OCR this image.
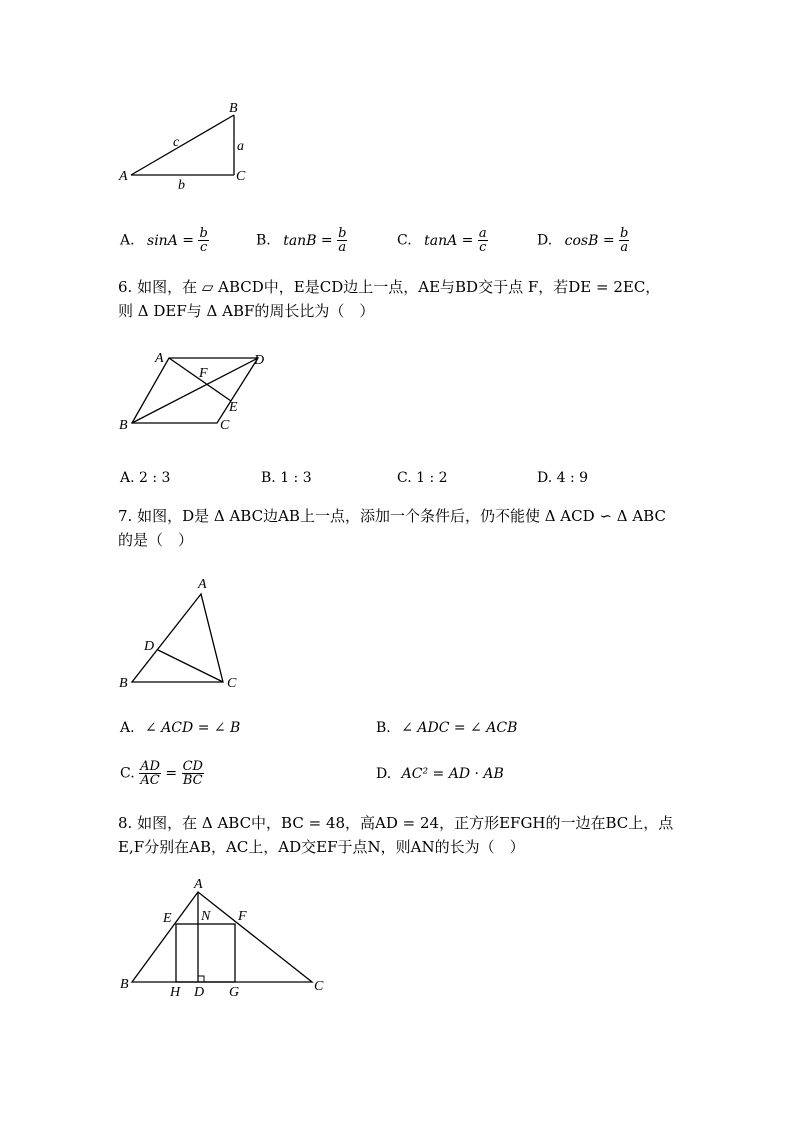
A
B
C
a
b
c
A. $\sin A = \frac{b}{c}$	B. $\tan B = \frac{b}{a}$	C. $\tan A = \frac{a}{c}$	D. $\cos B = \frac{b}{a}$
6. 如图，在 ▱ ABCD中，E是CD边上一点，AE与BD交于点 F，若DE = 2EC，
则 Δ DEF与 Δ ABF的周长比为（　）
A	D
B	C
E
F
A. 2 : 3	B. 1 : 3	C. 1 : 2	D. 4 : 9
7. 如图，D是 Δ ABC边AB上一点，添加一个条件后，仍不能使 Δ ACD ∽ Δ ABC
的是（　）
A
B	C
D
A. ∠ ACD = ∠ B	B. ∠ ADC = ∠ ACB
C. $\frac{AD}{AC} = \frac{CD}{BC}$	D. AC² = AD · AB
8. 如图，在 Δ ABC中，BC = 48，高AD = 24，正方形EFGH的一边在BC上，点
E,F分别在AB，AC上，AD交EF于点N，则AN的长为（　）
A
B	C
E	F
N
H D G
